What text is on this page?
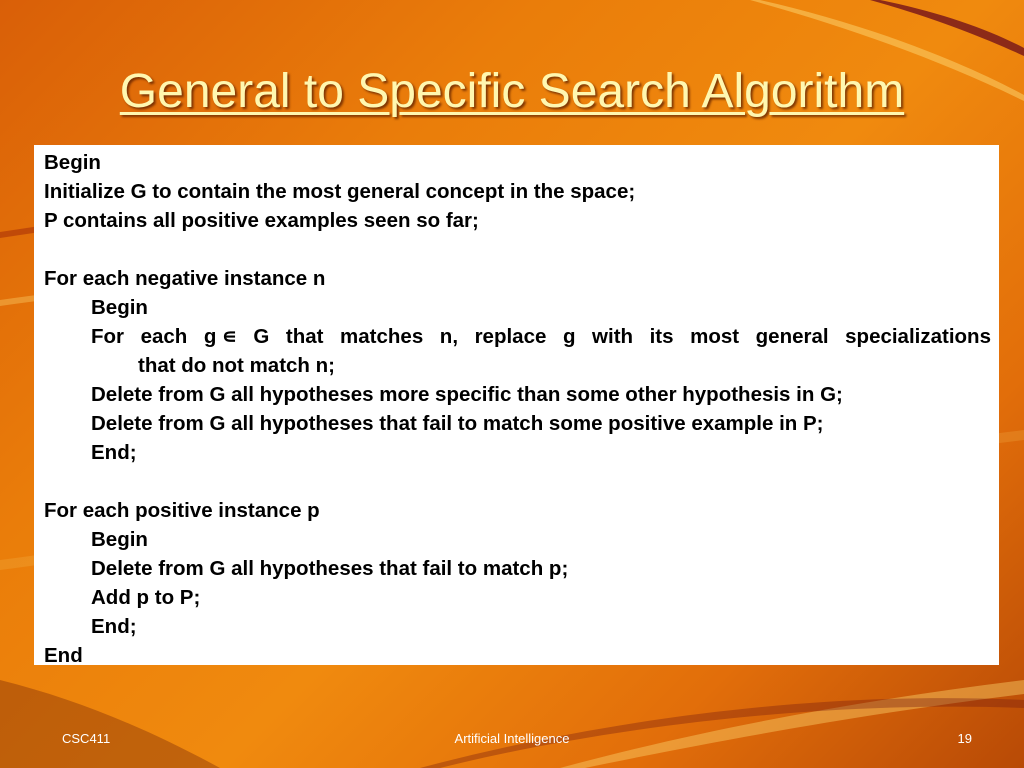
General to Specific Search Algorithm
Begin
Initialize G to contain the most general concept in the space;
P contains all positive examples seen so far;
For each negative instance n
Begin
For each g ∊ G that matches n, replace g with its most general specializations
that do not match n;
Delete from G all hypotheses more specific than some other hypothesis in G;
Delete from G all hypotheses that fail to match some positive example in P;
End;
For each positive instance p
Begin
Delete from G all hypotheses that fail to match p;
Add p to P;
End;
End
CSC411	Artificial Intelligence	19
